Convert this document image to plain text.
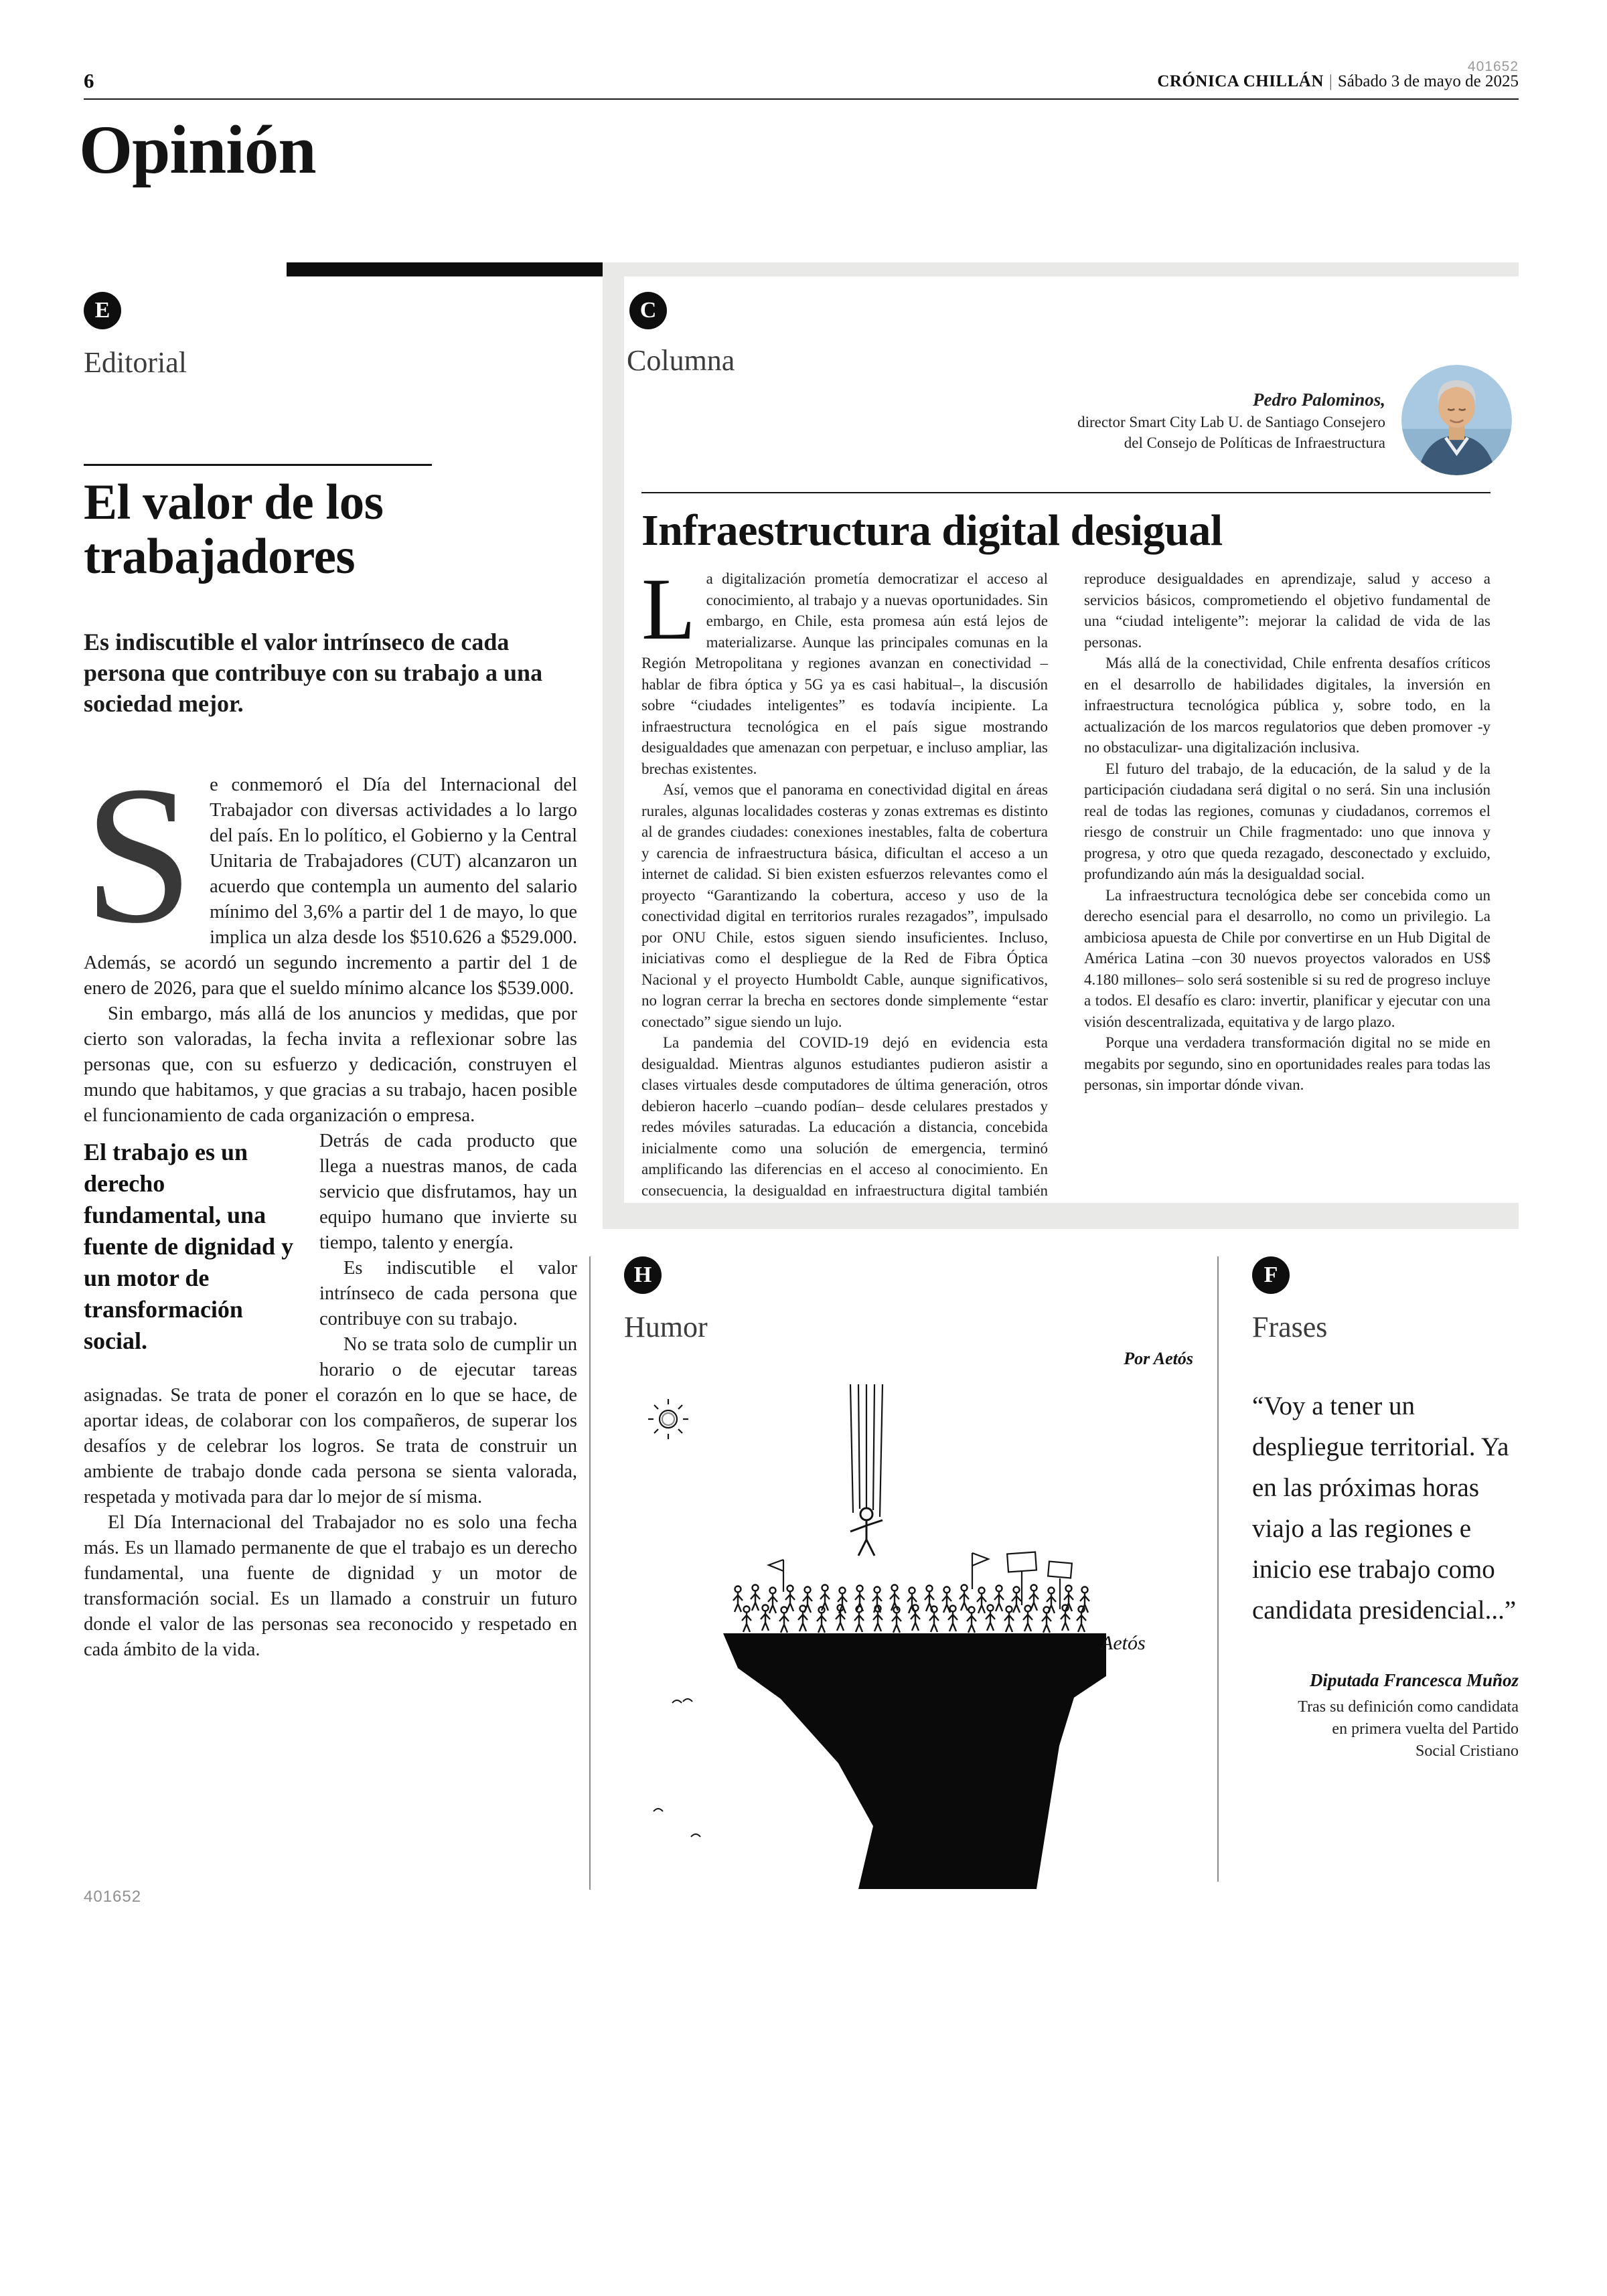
401652
6	CRÓNICA CHILLÁN | Sábado 3 de mayo de 2025
Opinión
E
Editorial
El valor de los trabajadores
Es indiscutible el valor intrínseco de cada persona que contribuye con su trabajo a una sociedad mejor.

Se conmemoró el Día del Internacional del Trabajador con diversas actividades a lo largo del país. En lo político, el Gobierno y la Central Unitaria de Trabajadores (CUT) alcanzaron un acuerdo que contempla un aumento del salario mínimo del 3,6% a partir del 1 de mayo, lo que implica un alza desde los $510.626 a $529.000. Además, se acordó un segundo incremento a partir del 1 de enero de 2026, para que el sueldo mínimo alcance los $539.000.

Sin embargo, más allá de los anuncios y medidas, que por cierto son valoradas, la fecha invita a reflexionar sobre las personas que, con su esfuerzo y dedicación, construyen el mundo que habitamos, y que gracias a su trabajo, hacen posible el funcionamiento de cada organización o empresa.

El trabajo es un derecho fundamental, una fuente de dignidad y un motor de transformación social.

Detrás de cada producto que llega a nuestras manos, de cada servicio que disfrutamos, hay un equipo humano que invierte su tiempo, talento y energía.

Es indiscutible el valor intrínseco de cada persona que contribuye con su trabajo.

No se trata solo de cumplir un horario o de ejecutar tareas asignadas. Se trata de poner el corazón en lo que se hace, de aportar ideas, de colaborar con los compañeros, de superar los desafíos y de celebrar los logros. Se trata de construir un ambiente de trabajo donde cada persona se sienta valorada, respetada y motivada para dar lo mejor de sí misma.

El Día Internacional del Trabajador no es solo una fecha más. Es un llamado permanente de que el trabajo es un derecho fundamental, una fuente de dignidad y un motor de transformación social. Es un llamado a construir un futuro donde el valor de las personas sea reconocido y respetado en cada ámbito de la vida.

401652
C
Columna
Pedro Palominos,
director Smart City Lab U. de Santiago Consejero
del Consejo de Políticas de Infraestructura
Infraestructura digital desigual

La digitalización prometía democratizar el acceso al conocimiento, al trabajo y a nuevas oportunidades. Sin embargo, en Chile, esta promesa aún está lejos de materializarse. Aunque las principales comunas en la Región Metropolitana y regiones avanzan en conectividad –hablar de fibra óptica y 5G ya es casi habitual–, la discusión sobre “ciudades inteligentes” es todavía incipiente. La infraestructura tecnológica en el país sigue mostrando desigualdades que amenazan con perpetuar, e incluso ampliar, las brechas existentes.

Así, vemos que el panorama en conectividad digital en áreas rurales, algunas localidades costeras y zonas extremas es distinto al de grandes ciudades: conexiones inestables, falta de cobertura y carencia de infraestructura básica, dificultan el acceso a un internet de calidad. Si bien existen esfuerzos relevantes como el proyecto “Garantizando la cobertura, acceso y uso de la conectividad digital en territorios rurales rezagados”, impulsado por ONU Chile, estos siguen siendo insuficientes. Incluso, iniciativas como el despliegue de la Red de Fibra Óptica Nacional y el proyecto Humboldt Cable, aunque significativos, no logran cerrar la brecha en sectores donde simplemente “estar conectado” sigue siendo un lujo.

La pandemia del COVID-19 dejó en evidencia esta desigualdad. Mientras algunos estudiantes pudieron asistir a clases virtuales desde computadores de última generación, otros debieron hacerlo –cuando podían– desde celulares prestados y redes móviles saturadas. La educación a distancia, concebida inicialmente como una solución de emergencia, terminó amplificando las diferencias en el acceso al conocimiento. En consecuencia, la desigualdad en infraestructura digital también reproduce desigualdades en aprendizaje, salud y acceso a servicios básicos, comprometiendo el objetivo fundamental de una “ciudad inteligente”: mejorar la calidad de vida de las personas.

Más allá de la conectividad, Chile enfrenta desafíos críticos en el desarrollo de habilidades digitales, la inversión en infraestructura tecnológica pública y, sobre todo, en la actualización de los marcos regulatorios que deben promover -y no obstaculizar- una digitalización inclusiva.

El futuro del trabajo, de la educación, de la salud y de la participación ciudadana será digital o no será. Sin una inclusión real de todas las regiones, comunas y ciudadanos, corremos el riesgo de construir un Chile fragmentado: uno que innova y progresa, y otro que queda rezagado, desconectado y excluido, profundizando aún más la desigualdad social.

La infraestructura tecnológica debe ser concebida como un derecho esencial para el desarrollo, no como un privilegio. La ambiciosa apuesta de Chile por convertirse en un Hub Digital de América Latina –con 30 nuevos proyectos valorados en US$ 4.180 millones– solo será sostenible si su red de progreso incluye a todos. El desafío es claro: invertir, planificar y ejecutar con una visión descentralizada, equitativa y de largo plazo.

Porque una verdadera transformación digital no se mide en megabits por segundo, sino en oportunidades reales para todas las personas, sin importar dónde vivan.

H
Humor
Por Aetós
Aetós
F
Frases
“Voy a tener un despliegue territorial. Ya en las próximas horas viajo a las regiones e inicio ese trabajo como candidata presidencial...”
Diputada Francesca Muñoz
Tras su definición como candidata en primera vuelta del Partido Social Cristiano
